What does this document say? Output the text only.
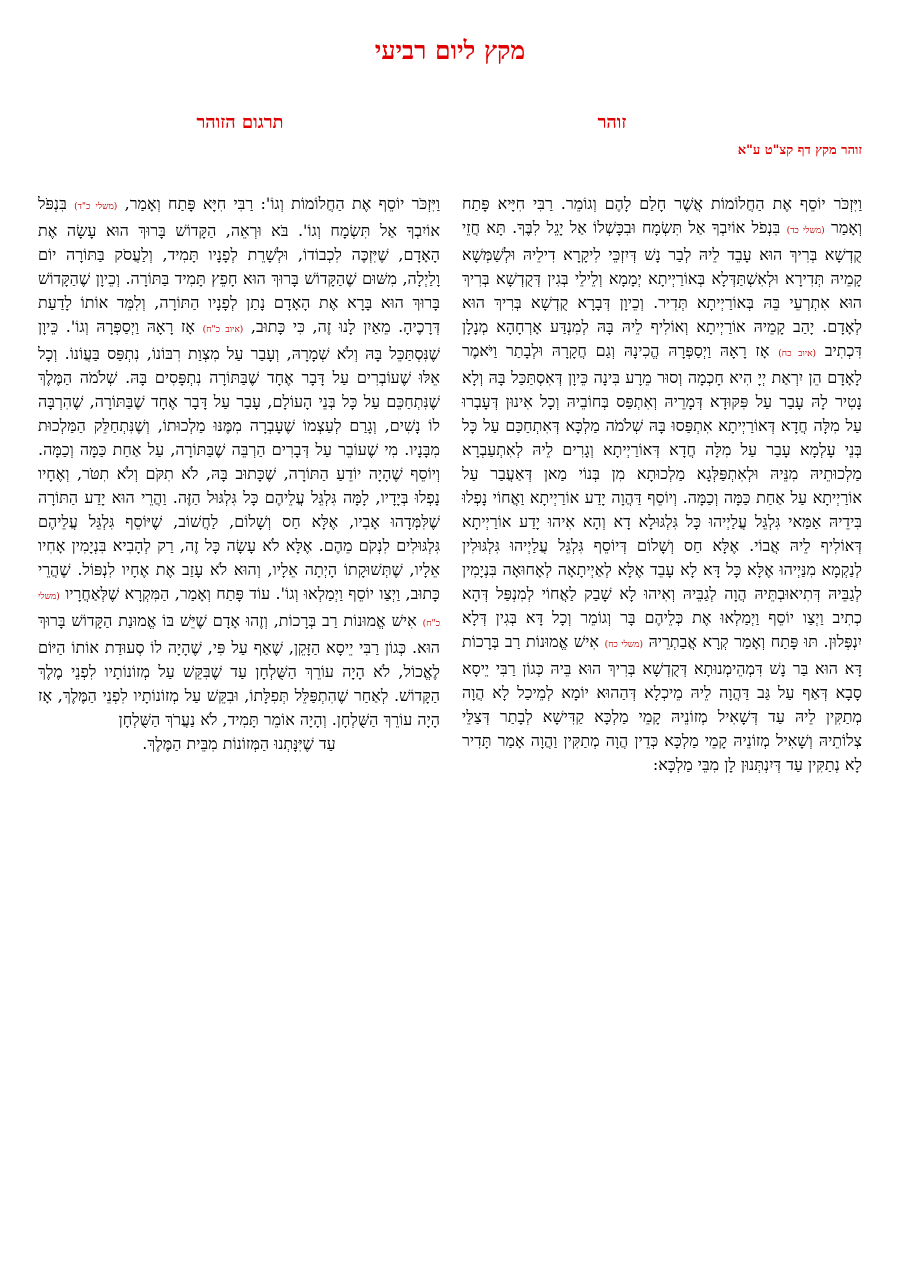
מקץ ליום רביעי
זוהר
תרגום הזוהר
זוהר מקץ דף קצ"ט ע"א
וַיִּזְכֹּר יוֹסֵף אֶת הַחֲלוֹמוֹת אֲשֶׁר חָלַם לָהֶם וְגוֹמֵר. רַבִּי חִיָּיא פָּתַח וְאָמַר (משלי כד) בִּנְפֹל אוֹיִבְךָ אַל תִּשְׂמָח וּבִכָּשְׁלוֹ אַל יָגֵל לִבֶּךָ. תָּא חֲזֵי קֻדְשָׁא בְּרִיךְ הוּא עָבֵד לֵיהּ לְבַר נָשׁ דְּיִזְכֵּי לִיקָרָא דִילֵיהּ וּלְשַׁמְּשָׁא קָמֵיהּ תְּדִירָא וּלְאִשְׁתַּדְּלָא בְּאוֹרַיְיתָא יְמָמָא וְלֵילֵי בְּגִין דְּקֻדְשָׁא בְּרִיךְ הוּא אִתְרְעֵי בֵּהּ בְּאוֹרַיְיתָא תְּדִיר. וְכֵיוָן דְּבָרָא קֻדְשָׁא בְּרִיךְ הוּא לְאָדָם. יָהַב קָמֵיהּ אוֹרַיְיתָא וְאוֹלִיף לֵיהּ בָּהּ לְמִנְדַּע אָרְחָהָא מְנָלָן דִּכְתִיב (איוב כח) אָז רָאָהּ וַיְסַפְּרָהּ הֱכִינָהּ וְגַם חֲקָרָהּ וּלְבָתַר וַיֹּאמֶר לָאָדָם הֵן יִרְאַת יְיָ הִיא חָכְמָה וְסוּר מֵרָע בִּינָה כֵּיוָן דְּאִסְתַּכַּל בָּהּ וְלָא נָטִיר לָהּ עָבַר עַל פִּקּוּדָא דְּמָרֵיהּ וְאִתְפַּס בְּחוֹבֵיהּ וְכָל אִינוּן דְּעָבְרוּ עַל מִלָּה חֲדָא דְּאוֹרַיְיתָא אִתְפַּסוּ בָּהּ שְׁלֹמֹה מַלְכָּא דְּאִתְחַכַּם עַל כָּל בְּנֵי עָלְמָא עָבַר עַל מִלָּה חֲדָא דְּאוֹרַיְיתָא וְגָרִים לֵיהּ לְאִתְעַבְרָא מַלְכוּתֵיהּ מִנֵּיהּ וּלְאִתְפַּלְּגָא מַלְכוּתָא מִן בְּנוֹי מַאן דְּאַעֲבַר עַל אוֹרַיְיתָא עַל אַחַת כַּמָּה וְכַמָּה. וְיוֹסֵף דַּהֲוָה יָדַע אוֹרַיְיתָא וַאֲחוֹי נָפְלוּ בִּידֵיהּ אַמַּאי גִּלְגֵּל עֲלַיְיהוּ כָּל גִּלְגּוּלָא דָא וְהָא אִיהוּ יָדַע אוֹרַיְיתָא דְּאוֹלִיף לֵיהּ אֲבוֹי. אֶלָּא חַס וְשָׁלוֹם דְּיוֹסֵף גִּלְגֵּל עֲלַיְיהוּ גִּלְגּוּלִין לְנַקְמָא מִנַּיְיהוּ אֶלָּא כָּל דָּא לָא עָבֵד אֶלָּא לְאַיְיתָאָה לְאָחוּאָה בִּנְיָמִין לְגַבֵּיהּ דְּתִיאוּבְתֵּיהּ הֲוָה לְגַבֵּיהּ וְאִיהוּ לָא שָׁבַק לַאֲחוֹי לְמִנְפַּל דְּהָא כְתִיב וַיְצַו יוֹסֵף וַיְמַלְאוּ אֶת כְּלֵיהֶם בָּר וְגוֹמֵר וְכָל דָּא בְּגִין דְּלָא יִנְפְּלוּן. תּוּ פָּתַח וְאָמַר קְרָא אֲבַתְרֵיהּ (משלי כח) אִישׁ אֱמוּנוֹת רַב בְּרָכוֹת דָּא הוּא בַּר נָשׁ דִּמְהֵימְנוּתָא דְּקֻדְשָׁא בְּרִיךְ הוּא בֵּיהּ כְּגוֹן רַבִּי יֵיסָא סָבָא דְּאַף עַל גַּב דַּהֲוָה לֵיהּ מֵיכְלָא דְּהַהוּא יוֹמָא לְמֵיכַל לָא הֲוָה מְתַקִּין לֵיהּ עַד דְּשָׁאִיל מְזוֹנֵיהּ קָמֵי מַלְכָּא קַדִּישָׁא לְבָתַר דְּצַלֵּי צְלוֹתֵיהּ וְשָׁאִיל מְזוֹנֵיהּ קָמֵי מַלְכָּא כְּדֵין הֲוָה מְתַקִּין וַהֲוָה אָמַר תָּדִיר לָא נְתַקִּין עַד דְּיִנְתְּנוּן לָן מִבֵּי מַלְכָּא:
וַיִּזְכֹּר יוֹסֵף אֶת הַחֲלוֹמוֹת וְגוֹ': רַבִּי חִיָּא פָּתַח וְאָמַר, (משלי כ"ד) בִּנְפֹּל אוֹיִבְךָ אַל תִּשְׂמָח וְגוֹ'. בֹּא וּרְאֵה, הַקָּדוֹשׁ בָּרוּךְ הוּא עָשָׂה אֶת הָאָדָם, שֶׁיִּזְכֶּה לִכְבוֹדוֹ, וּלְשָׁרֵת לְפָנָיו תָּמִיד, וְלַעֲסֹק בַּתּוֹרָה יוֹם וָלַיְלָה, מִשּׁוּם שֶׁהַקָּדוֹשׁ בָּרוּךְ הוּא חָפֵץ תָּמִיד בַּתּוֹרָה. וְכֵיוָן שֶׁהַקָּדוֹשׁ בָּרוּךְ הוּא בָּרָא אֶת הָאָדָם נָתַן לְפָנָיו הַתּוֹרָה, וְלִמֵּד אוֹתוֹ לָדַעַת דְּרָכֶיהָ. מֵאַיִן לָנוּ זֶה, כִּי כָּתוּב, (איוב כ"ח) אָז רָאָהּ וַיְסַפְּרָהּ וְגוֹ'. כֵּיוָן שֶׁנִּסְתַּכֵּל בָּהּ וְלֹא שְׁמָרָהּ, וְעָבַר עַל מִצְוַת רִבּוֹנוֹ, נִתְפַּס בַּעֲוֹנוֹ. וְכָל אֵלּוּ שֶׁעוֹבְרִים עַל דָּבָר אֶחָד שֶׁבַּתּוֹרָה נִתְפָּסִים בָּהּ. שְׁלֹמֹה הַמֶּלֶךְ שֶׁנִּתְחַכֵּם עַל כָּל בְּנֵי הָעוֹלָם, עָבַר עַל דָּבָר אֶחָד שֶׁבַּתּוֹרָה, שֶׁהִרְבָּה לוֹ נָשִׁים, וְגָרַם לְעַצְמוֹ שֶׁעָבְרָה מִמֶּנּוּ מַלְכוּתוֹ, וְשֶׁנִּתְחַלֵּק הַמַּלְכוּת מִבָּנָיו. מִי שֶׁעוֹבֵר עַל דְּבָרִים הַרְבֵּה שֶׁבַּתּוֹרָה, עַל אַחַת כַּמָּה וְכַמָּה. וְיוֹסֵף שֶׁהָיָה יוֹדֵעַ הַתּוֹרָה, שֶׁכָּתוּב בָּהּ, לֹא תִקֹּם וְלֹא תִטֹּר, וְאֶחָיו נָפְלוּ בְּיָדָיו, לָמָּה גִּלְגֵּל עֲלֵיהֶם כָּל גִּלְגּוּל הַזֶּה. וַהֲרֵי הוּא יָדַע הַתּוֹרָה שֶׁלִּמְּדָהוּ אָבִיו, אֶלָּא חַס וְשָׁלוֹם, לַחֲשׁוֹב, שֶׁיּוֹסֵף גִּלְגֵּל עֲלֵיהֶם גִּלְגּוּלִים לִנְקֹם מֵהֶם. אֶלָּא לֹא עָשָׂה כָּל זֶה, רַק לְהָבִיא בִּנְיָמִין אָחִיו אֵלָיו, שֶׁתְּשׁוּקָתוֹ הָיְתָה אֵלָיו, וְהוּא לֹא עָזַב אֶת אֶחָיו לִנְפּוֹל. שֶׁהֲרֵי כָּתוּב, וַיְצַו יוֹסֵף וַיְמַלְאוּ וְגוֹ'. עוֹד פָּתַח וְאָמַר, הַמִּקְרָא שֶׁלְּאַחֲרָיו (משלי כ"ח) אִישׁ אֱמוּנוֹת רַב בְּרָכוֹת, וְזֶהוּ אָדָם שֶׁיֵּשׁ בּוֹ אֱמוּנַת הַקָּדוֹשׁ בָּרוּךְ הוּא. כְּגוֹן רַבִּי יֵיסָא הַזָּקֵן, שֶׁאַף עַל פִּי, שֶׁהָיָה לוֹ סְעוּדַת אוֹתוֹ הַיּוֹם לֶאֱכוֹל, לֹא הָיָה עוֹרֵךְ הַשֻּׁלְחָן עַד שֶׁבִּקֵּשׁ עַל מְזוֹנוֹתָיו לִפְנֵי מֶלֶךְ הַקָּדוֹשׁ. לְאַחַר שֶׁהִתְפַּלֵּל תְּפִלָּתוֹ, וּבִקֵּשׁ עַל מְזוֹנוֹתָיו לִפְנֵי הַמֶּלֶךְ, אָז הָיָה עוֹרֵךְ הַשֻּׁלְחָן. וְהָיָה אוֹמֵר תָּמִיד, לֹא נַעֲרֹךְ הַשֻּׁלְחָן
עַד שֶׁיִּנָּתְנוּ הַמְּזוֹנוֹת מִבֵּית הַמֶּלֶךְ.
